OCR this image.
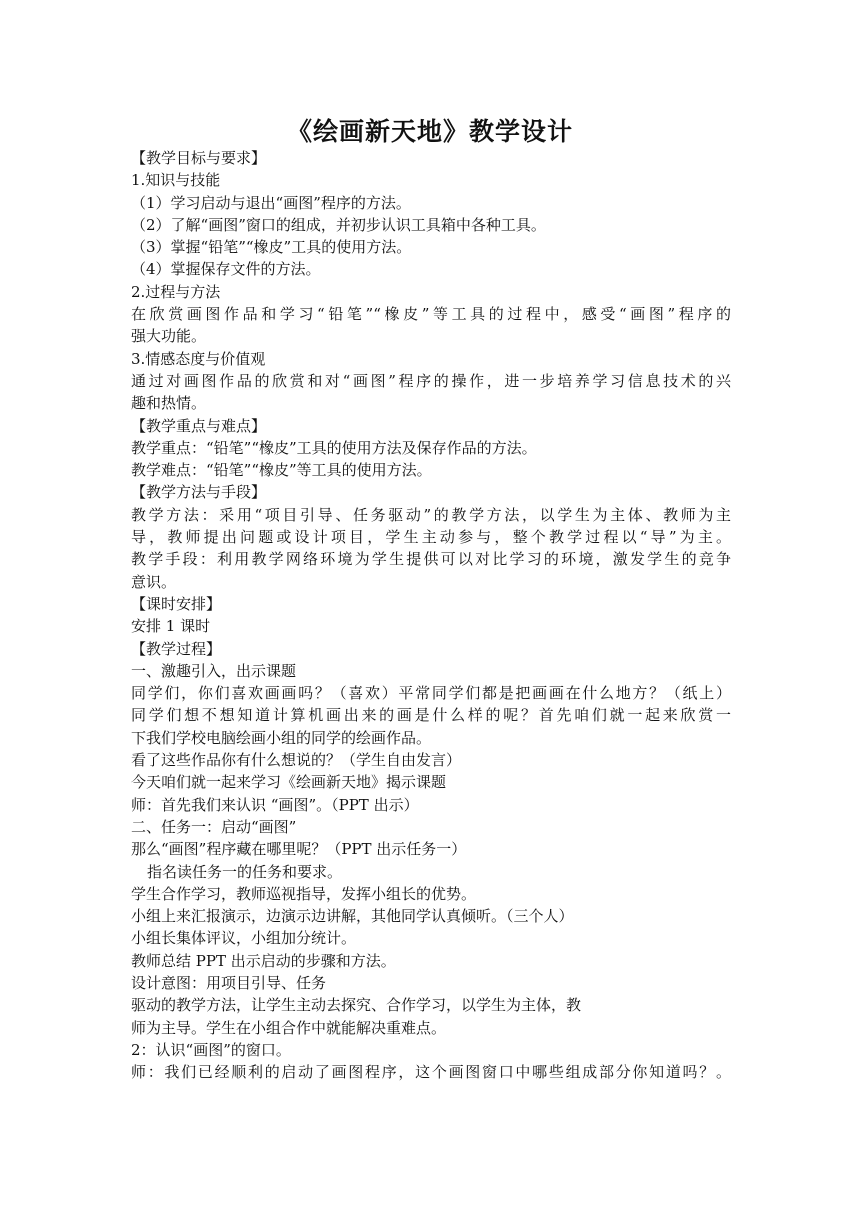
《绘画新天地》教学设计
【教学目标与要求】
1.知识与技能
（1）学习启动与退出“画图”程序的方法。
（2）了解“画图”窗口的组成，并初步认识工具箱中各种工具。
（3）掌握“铅笔”“橡皮”工具的使用方法。
（4）掌握保存文件的方法。
2.过程与方法
在欣赏画图作品和学习“铅笔”“橡皮”等工具的过程中，感受“画图”程序的
强大功能。
3.情感态度与价值观
通过对画图作品的欣赏和对“画图”程序的操作，进一步培养学习信息技术的兴
趣和热情。
【教学重点与难点】
教学重点：“铅笔”“橡皮”工具的使用方法及保存作品的方法。
教学难点：“铅笔”“橡皮”等工具的使用方法。
【教学方法与手段】
教学方法：采用“项目引导、任务驱动”的教学方法，以学生为主体、教师为主
导，教师提出问题或设计项目，学生主动参与，整个教学过程以“导”为主。
教学手段：利用教学网络环境为学生提供可以对比学习的环境，激发学生的竞争
意识。
【课时安排】
安排 1 课时
【教学过程】
一、激趣引入，出示课题
同学们，你们喜欢画画吗？（喜欢）平常同学们都是把画画在什么地方？（纸上）
同学们想不想知道计算机画出来的画是什么样的呢？首先咱们就一起来欣赏一
下我们学校电脑绘画小组的同学的绘画作品。
看了这些作品你有什么想说的？（学生自由发言）
今天咱们就一起来学习《绘画新天地》揭示课题
师：首先我们来认识 “画图”。（PPT 出示）
二、任务一：启动“画图”
那么“画图”程序藏在哪里呢？（PPT 出示任务一）
指名读任务一的任务和要求。
学生合作学习，教师巡视指导，发挥小组长的优势。
小组上来汇报演示，边演示边讲解，其他同学认真倾听。（三个人）
小组长集体评议，小组加分统计。
教师总结 PPT 出示启动的步骤和方法。
设计意图：用项目引导、任务
驱动的教学方法，让学生主动去探究、合作学习，以学生为主体，教
师为主导。学生在小组合作中就能解决重难点。
2：认识“画图”的窗口。
师：我们已经顺利的启动了画图程序，这个画图窗口中哪些组成部分你知道吗？。
